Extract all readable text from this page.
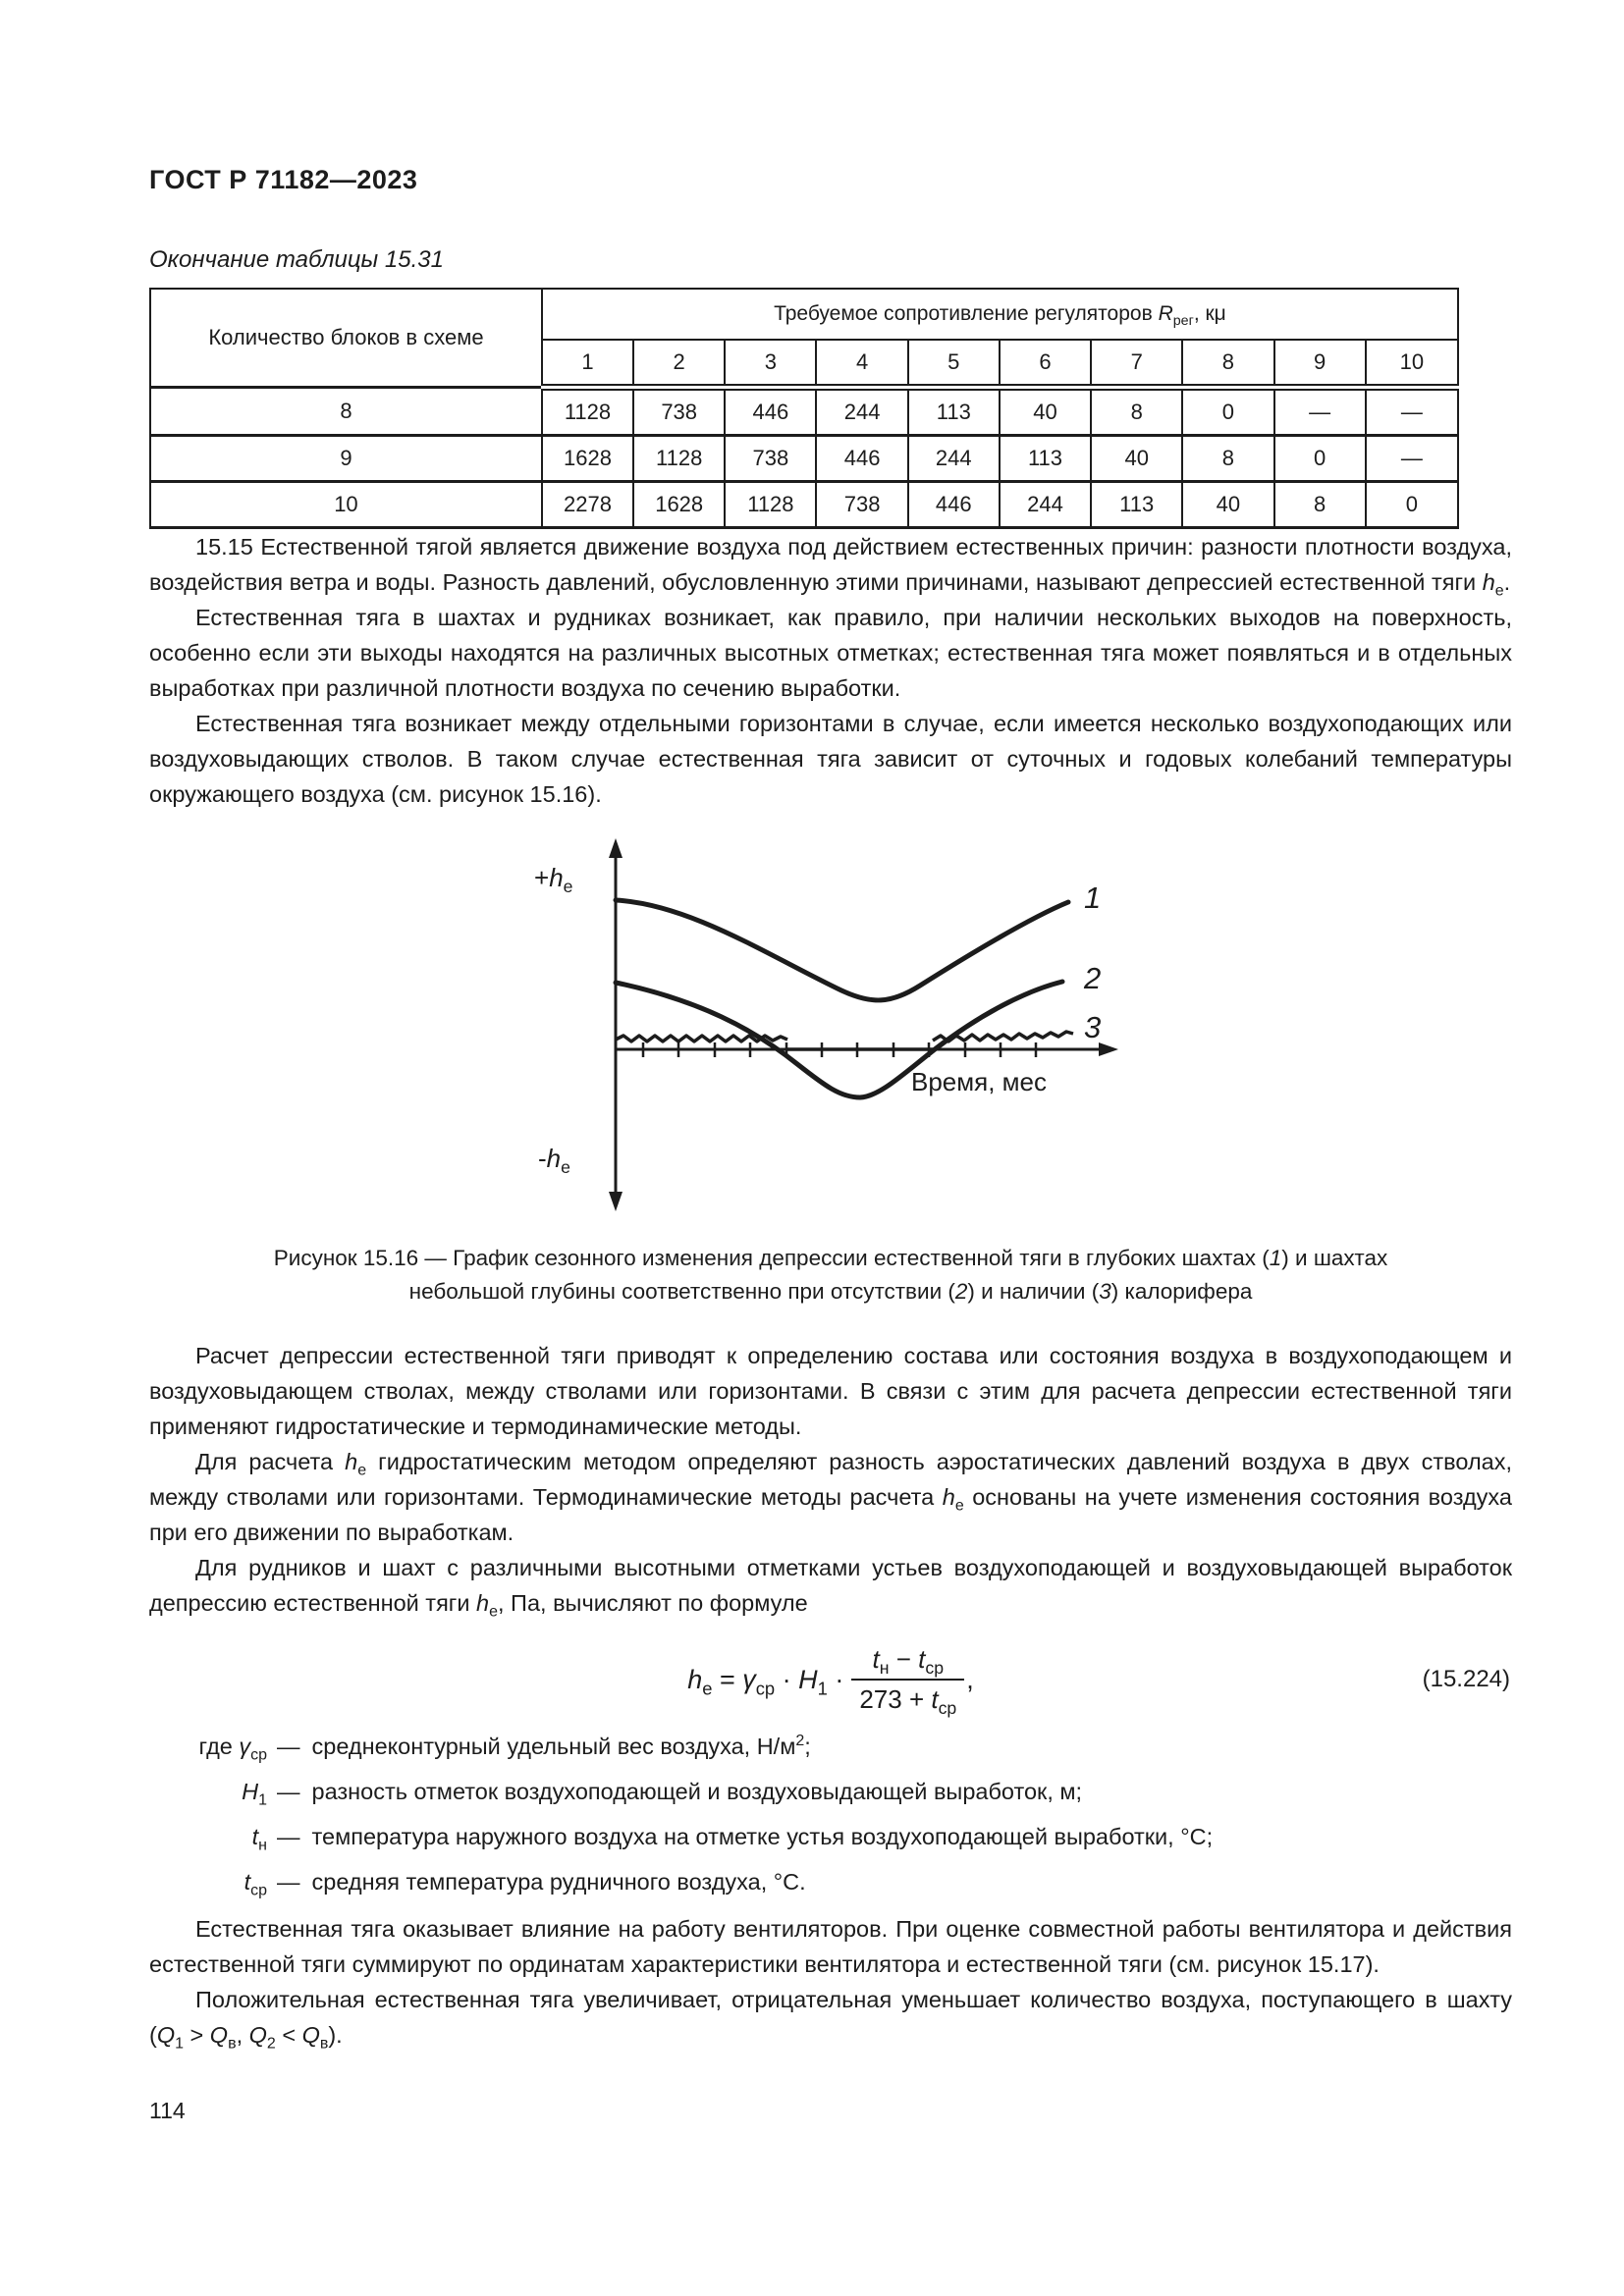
ГОСТ Р 71182—2023
Окончание таблицы 15.31
Количество блоков в схеме	Требуемое сопротивление регуляторов $R_{рег}$, кμ									
	1	2	3	4	5	6	7	8	9	10
8	1128	738	446	244	113	40	8	0	—	—
9	1628	1128	738	446	244	113	40	8	0	—
10	2278	1628	1128	738	446	244	113	40	8	0

15.15 Естественной тягой является движение воздуха под действием естественных причин: разности плотности воздуха, воздействия ветра и воды. Разность давлений, обусловленную этими причинами, называют депрессией естественной тяги $h_е$.

Естественная тяга в шахтах и рудниках возникает, как правило, при наличии нескольких выходов на поверхность, особенно если эти выходы находятся на различных высотных отметках; естественная тяга может появляться и в отдельных выработках при различной плотности воздуха по сечению выработки.

Естественная тяга возникает между отдельными горизонтами в случае, если имеется несколько воздухоподающих или воздуховыдающих стволов. В таком случае естественная тяга зависит от суточных и годовых колебаний температуры окружающего воздуха (см. рисунок 15.16).

$+h_е$
$-h_е$
Время, мес
1
2
3
Рисунок 15.16 — График сезонного изменения депрессии естественной тяги в глубоких шахтах (1) и шахтах небольшой глубины соответственно при отсутствии (2) и наличии (3) калорифера

Расчет депрессии естественной тяги приводят к определению состава или состояния воздуха в воздухоподающем и воздуховыдающем стволах, между стволами или горизонтами. В связи с этим для расчета депрессии естественной тяги применяют гидростатические и термодинамические методы.

Для расчета $h_е$ гидростатическим методом определяют разность аэростатических давлений воздуха в двух стволах, между стволами или горизонтами. Термодинамические методы расчета $h_е$ основаны на учете изменения состояния воздуха при его движении по выработкам.

Для рудников и шахт с различными высотными отметками устьев воздухоподающей и воздуховыдающей выработок депрессию естественной тяги $h_е$, Па, вычисляют по формуле

$h_е = \gamma_{ср} \cdot H_1 \cdot \frac{t_н - t_{ср}}{273 + t_{ср}}$ ,	(15.224)
где $\gamma_{ср}$ — среднеконтурный удельный вес воздуха, $Н/м^2$;
$H_1$ — разность отметок воздухоподающей и воздуховыдающей выработок, м;
$t_н$ — температура наружного воздуха на отметке устья воздухоподающей выработки, °С;
$t_{ср}$ — средняя температура рудничного воздуха, °С.

Естественная тяга оказывает влияние на работу вентиляторов. При оценке совместной работы вентилятора и действия естественной тяги суммируют по ординатам характеристики вентилятора и естественной тяги (см. рисунок 15.17).

Положительная естественная тяга увеличивает, отрицательная уменьшает количество воздуха, поступающего в шахту ($Q_1 > Q_в$, $Q_2 < Q_в$).

114
